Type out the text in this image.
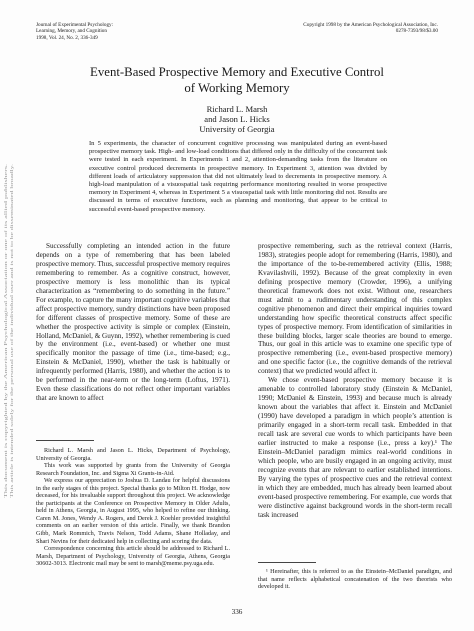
This document is copyrighted by the American Psychological Association or one of its allied publishers. This article is intended solely for the personal use of the individual user and is not to be disseminated broadly.
Journal of Experimental Psychology:
Learning, Memory, and Cognition
1998, Vol. 24, No. 2, 336-349
Copyright 1998 by the American Psychological Association, Inc.
0278-7393/98/$3.00
Event-Based Prospective Memory and Executive Control
of Working Memory
Richard L. Marsh
and Jason L. Hicks
University of Georgia

In 5 experiments, the character of concurrent cognitive processing was manipulated during an event-based prospective memory task. High- and low-load conditions that differed only in the difficulty of the concurrent task were tested in each experiment. In Experiments 1 and 2, attention-demanding tasks from the literature on executive control produced decrements in prospective memory. In Experiment 3, attention was divided by different loads of articulatory suppression that did not ultimately lead to decrements in prospective memory. A high-load manipulation of a visuospatial task requiring performance monitoring resulted in worse prospective memory in Experiment 4, whereas in Experiment 5 a visuospatial task with little monitoring did not. Results are discussed in terms of executive functions, such as planning and monitoring, that appear to be critical to successful event-based prospective memory.

Successfully completing an intended action in the future depends on a type of remembering that has been labeled prospective memory. Thus, successful prospective memory requires remembering to remember. As a cognitive construct, however, prospective memory is less monolithic than its typical characterization as “remembering to do something in the future.” For example, to capture the many important cognitive variables that affect prospective memory, sundry distinctions have been proposed for different classes of prospective memory. Some of these are whether the prospective activity is simple or complex (Einstein, Holland, McDaniel, & Guynn, 1992), whether remembering is cued by the environment (i.e., event-based) or whether one must specifically monitor the passage of time (i.e., time-based; e.g., Einstein & McDaniel, 1990), whether the task is habitually or infrequently performed (Harris, 1980), and whether the action is to be performed in the near-term or the long-term (Loftus, 1971). Even these classifications do not reflect other important variables that are known to affect

prospective remembering, such as the retrieval context (Harris, 1983), strategies people adopt for remembering (Harris, 1980), and the importance of the to-be-remembered activity (Ellis, 1988; Kvavilashvili, 1992). Because of the great complexity in even defining prospective memory (Crowder, 1996), a unifying theoretical framework does not exist. Without one, researchers must admit to a rudimentary understanding of this complex cognitive phenomenon and direct their empirical inquiries toward understanding how specific theoretical constructs affect specific types of prospective memory. From identification of similarities in these building blocks, larger scale theories are bound to emerge. Thus, our goal in this article was to examine one specific type of prospective remembering (i.e., event-based prospective memory) and one specific factor (i.e., the cognitive demands of the retrieval context) that we predicted would affect it.

We chose event-based prospective memory because it is amenable to controlled laboratory study (Einstein & McDaniel, 1990; McDaniel & Einstein, 1993) and because much is already known about the variables that affect it. Einstein and McDaniel (1990) have developed a paradigm in which people’s attention is primarily engaged in a short-term recall task. Embedded in that recall task are several cue words to which participants have been earlier instructed to make a response (i.e., press a key).¹ The Einstein–McDaniel paradigm mimics real-world conditions in which people, who are busily engaged in an ongoing activity, must recognize events that are relevant to earlier established intentions. By varying the types of prospective cues and the retrieval context in which they are embedded, much has already been learned about event-based prospective remembering. For example, cue words that were distinctive against background words in the short-term recall task increased

Richard L. Marsh and Jason L. Hicks, Department of Psychology, University of Georgia.

This work was supported by grants from the University of Georgia Research Foundation, Inc. and Sigma Xi Grants-in-Aid.

We express our appreciation to Joshua D. Landau for helpful discussions in the early stages of this project. Special thanks go to Milton H. Hodge, now deceased, for his invaluable support throughout this project. We acknowledge the participants at the Conference on Prospective Memory in Older Adults, held in Athens, Georgia, in August 1995, who helped to refine our thinking. Caren M. Jones, Wendy A. Rogers, and Derek J. Koehler provided insightful comments on an earlier version of this article. Finally, we thank Brandon Gibb, Mark Rommich, Travis Nelson, Todd Adams, Shane Holladay, and Shari Nevins for their dedicated help in collecting and scoring the data.

Correspondence concerning this article should be addressed to Richard L. Marsh, Department of Psychology, University of Georgia, Athens, Georgia 30602-3013. Electronic mail may be sent to marsh@meme.psy.uga.edu.

¹ Hereinafter, this is referred to as the Einstein–McDaniel paradigm, and that name reflects alphabetical concatenation of the two theorists who developed it.

336
